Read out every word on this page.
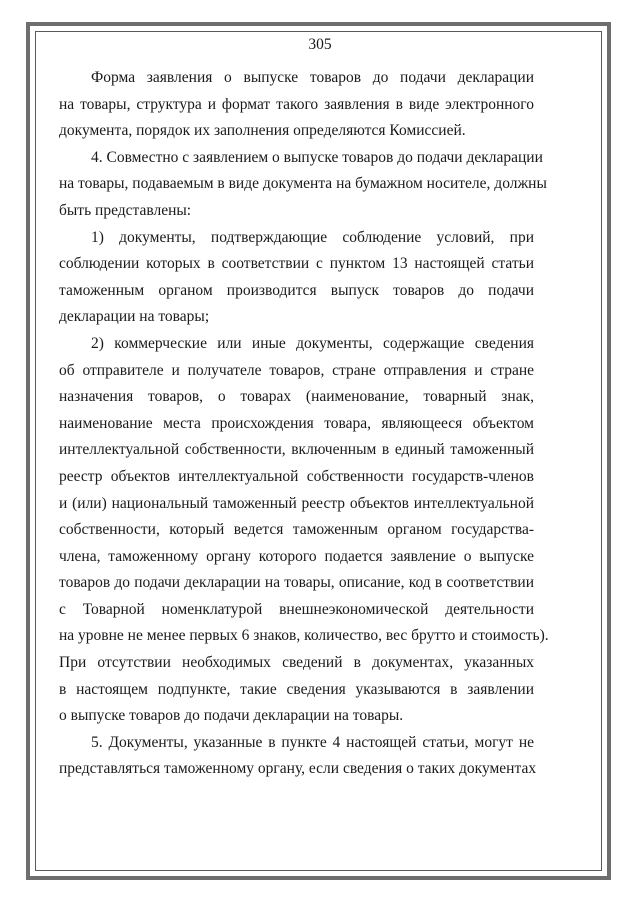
305

Форма заявления о выпуске товаров до подачи декларации
на товары, структура и формат такого заявления в виде электронного
документа, порядок их заполнения определяются Комиссией.

4. Совместно с заявлением о выпуске товаров до подачи декларации
на товары, подаваемым в виде документа на бумажном носителе, должны
быть представлены:

1) документы, подтверждающие соблюдение условий, при
соблюдении которых в соответствии с пунктом 13 настоящей статьи
таможенным органом производится выпуск товаров до подачи
декларации на товары;

2) коммерческие или иные документы, содержащие сведения
об отправителе и получателе товаров, стране отправления и стране
назначения товаров, о товарах (наименование, товарный знак,
наименование места происхождения товара, являющееся объектом
интеллектуальной собственности, включенным в единый таможенный
реестр объектов интеллектуальной собственности государств-членов
и (или) национальный таможенный реестр объектов интеллектуальной
собственности, который ведется таможенным органом государства-
члена, таможенному органу которого подается заявление о выпуске
товаров до подачи декларации на товары, описание, код в соответствии
с Товарной номенклатурой внешнеэкономической деятельности
на уровне не менее первых 6 знаков, количество, вес брутто и стоимость).
При отсутствии необходимых сведений в документах, указанных
в настоящем подпункте, такие сведения указываются в заявлении
о выпуске товаров до подачи декларации на товары.

5. Документы, указанные в пункте 4 настоящей статьи, могут не
представляться таможенному органу, если сведения о таких документах
